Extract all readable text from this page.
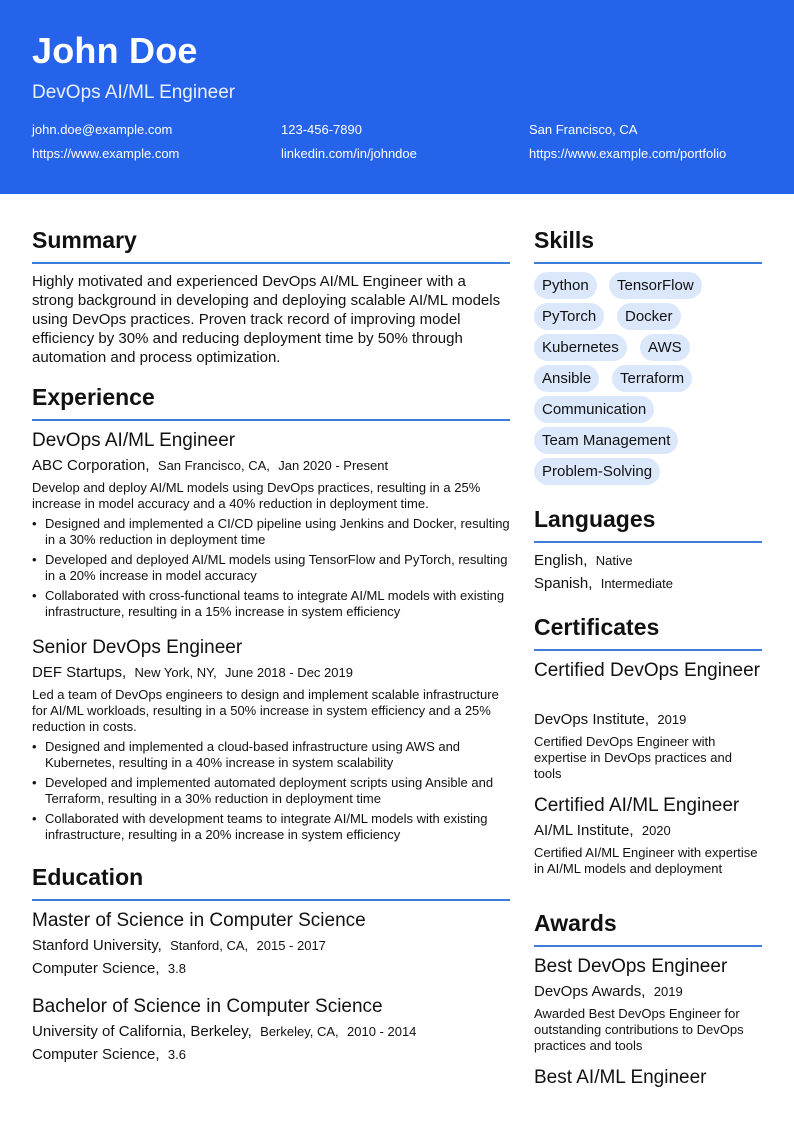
John Doe
DevOps AI/ML Engineer
john.doe@example.com	123-456-7890	San Francisco, CA
https://www.example.com	linkedin.com/in/johndoe	https://www.example.com/portfolio
Summary
Highly motivated and experienced DevOps AI/ML Engineer with a strong background in developing and deploying scalable AI/ML models using DevOps practices. Proven track record of improving model efficiency by 30% and reducing deployment time by 50% through automation and process optimization.
Experience
DevOps AI/ML Engineer
ABC Corporation, San Francisco, CA, Jan 2020 - Present
Develop and deploy AI/ML models using DevOps practices, resulting in a 25% increase in model accuracy and a 40% reduction in deployment time.
• Designed and implemented a CI/CD pipeline using Jenkins and Docker, resulting in a 30% reduction in deployment time
• Developed and deployed AI/ML models using TensorFlow and PyTorch, resulting in a 20% increase in model accuracy
• Collaborated with cross-functional teams to integrate AI/ML models with existing infrastructure, resulting in a 15% increase in system efficiency
Senior DevOps Engineer
DEF Startups, New York, NY, June 2018 - Dec 2019
Led a team of DevOps engineers to design and implement scalable infrastructure for AI/ML workloads, resulting in a 50% increase in system efficiency and a 25% reduction in costs.
• Designed and implemented a cloud-based infrastructure using AWS and Kubernetes, resulting in a 40% increase in system scalability
• Developed and implemented automated deployment scripts using Ansible and Terraform, resulting in a 30% reduction in deployment time
• Collaborated with development teams to integrate AI/ML models with existing infrastructure, resulting in a 20% increase in system efficiency
Education
Master of Science in Computer Science
Stanford University, Stanford, CA, 2015 - 2017
Computer Science, 3.8
Bachelor of Science in Computer Science
University of California, Berkeley, Berkeley, CA, 2010 - 2014
Computer Science, 3.6
Skills
Python	TensorFlow
PyTorch	Docker
Kubernetes	AWS
Ansible	Terraform
Communication
Team Management
Problem-Solving
Languages
English, Native
Spanish, Intermediate
Certificates
Certified DevOps Engineer
DevOps Institute, 2019
Certified DevOps Engineer with expertise in DevOps practices and tools
Certified AI/ML Engineer
AI/ML Institute, 2020
Certified AI/ML Engineer with expertise in AI/ML models and deployment
Awards
Best DevOps Engineer
DevOps Awards, 2019
Awarded Best DevOps Engineer for outstanding contributions to DevOps practices and tools
Best AI/ML Engineer
